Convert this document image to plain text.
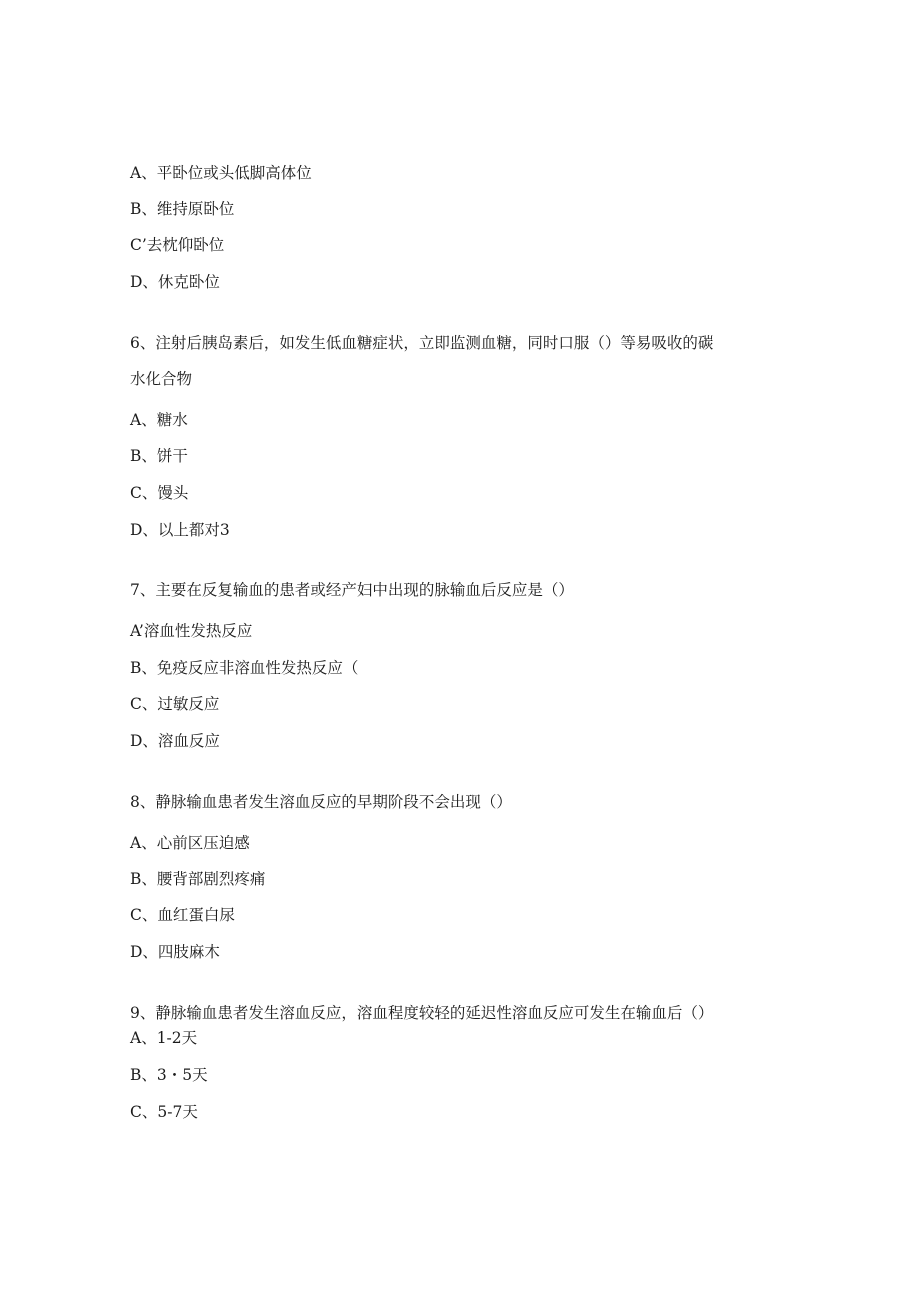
A、平卧位或头低脚高体位
B、维持原卧位
C’去枕仰卧位
D、休克卧位
6、注射后胰岛素后，如发生低血糖症状，立即监测血糖，同时口服（）等易吸收的碳
水化合物
A、糖水
B、饼干
C、馒头
D、以上都对3
7、主要在反复输血的患者或经产妇中出现的脉输血后反应是（）
A’溶血性发热反应
B、免疫反应非溶血性发热反应（
C、过敏反应
D、溶血反应
8、静脉输血患者发生溶血反应的早期阶段不会出现（）
A、心前区压迫感
B、腰背部剧烈疼痛
C、血红蛋白尿
D、四肢麻木
9、静脉输血患者发生溶血反应，溶血程度较轻的延迟性溶血反应可发生在输血后（）
A、1-2天
B、3・5天
C、5-7天
